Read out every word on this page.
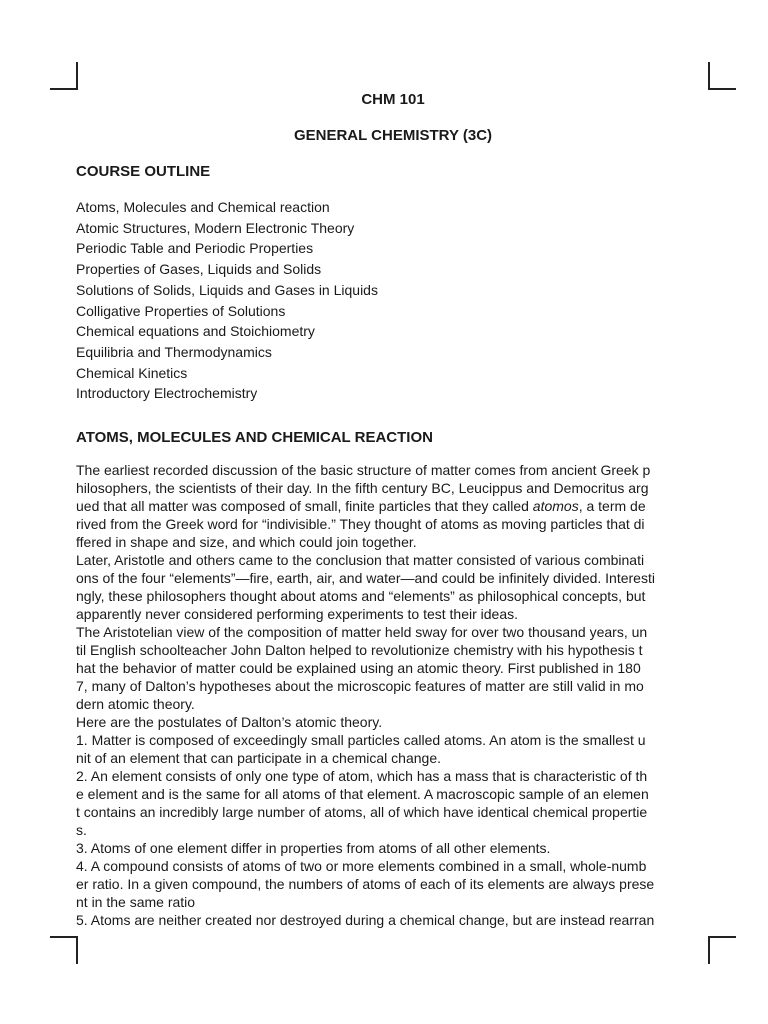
CHM 101
GENERAL CHEMISTRY (3C)
COURSE OUTLINE
Atoms, Molecules and Chemical reaction
Atomic Structures, Modern Electronic Theory
Periodic Table and Periodic Properties
Properties of Gases, Liquids and Solids
Solutions of Solids, Liquids and Gases in Liquids
Colligative Properties of Solutions
Chemical equations and Stoichiometry
Equilibria and Thermodynamics
Chemical Kinetics
Introductory Electrochemistry
ATOMS, MOLECULES AND CHEMICAL REACTION
The earliest recorded discussion of the basic structure of matter comes from ancient Greek p
hilosophers, the scientists of their day. In the fifth century BC, Leucippus and Democritus arg
ued that all matter was composed of small, finite particles that they called atomos, a term de
rived from the Greek word for “indivisible.” They thought of atoms as moving particles that di
ffered in shape and size, and which could join together.
Later, Aristotle and others came to the conclusion that matter consisted of various combinati
ons of the four “elements”—fire, earth, air, and water—and could be infinitely divided. Interesti
ngly, these philosophers thought about atoms and “elements” as philosophical concepts, but
apparently never considered performing experiments to test their ideas.
The Aristotelian view of the composition of matter held sway for over two thousand years, un
til English schoolteacher John Dalton helped to revolutionize chemistry with his hypothesis t
hat the behavior of matter could be explained using an atomic theory. First published in 180
7, many of Dalton’s hypotheses about the microscopic features of matter are still valid in mo
dern atomic theory.
Here are the postulates of Dalton’s atomic theory.
1. Matter is composed of exceedingly small particles called atoms. An atom is the smallest u
nit of an element that can participate in a chemical change.
2. An element consists of only one type of atom, which has a mass that is characteristic of th
e element and is the same for all atoms of that element. A macroscopic sample of an elemen
t contains an incredibly large number of atoms, all of which have identical chemical propertie
s.
3. Atoms of one element differ in properties from atoms of all other elements.
4. A compound consists of atoms of two or more elements combined in a small, whole-numb
er ratio. In a given compound, the numbers of atoms of each of its elements are always prese
nt in the same ratio
5. Atoms are neither created nor destroyed during a chemical change, but are instead rearran
